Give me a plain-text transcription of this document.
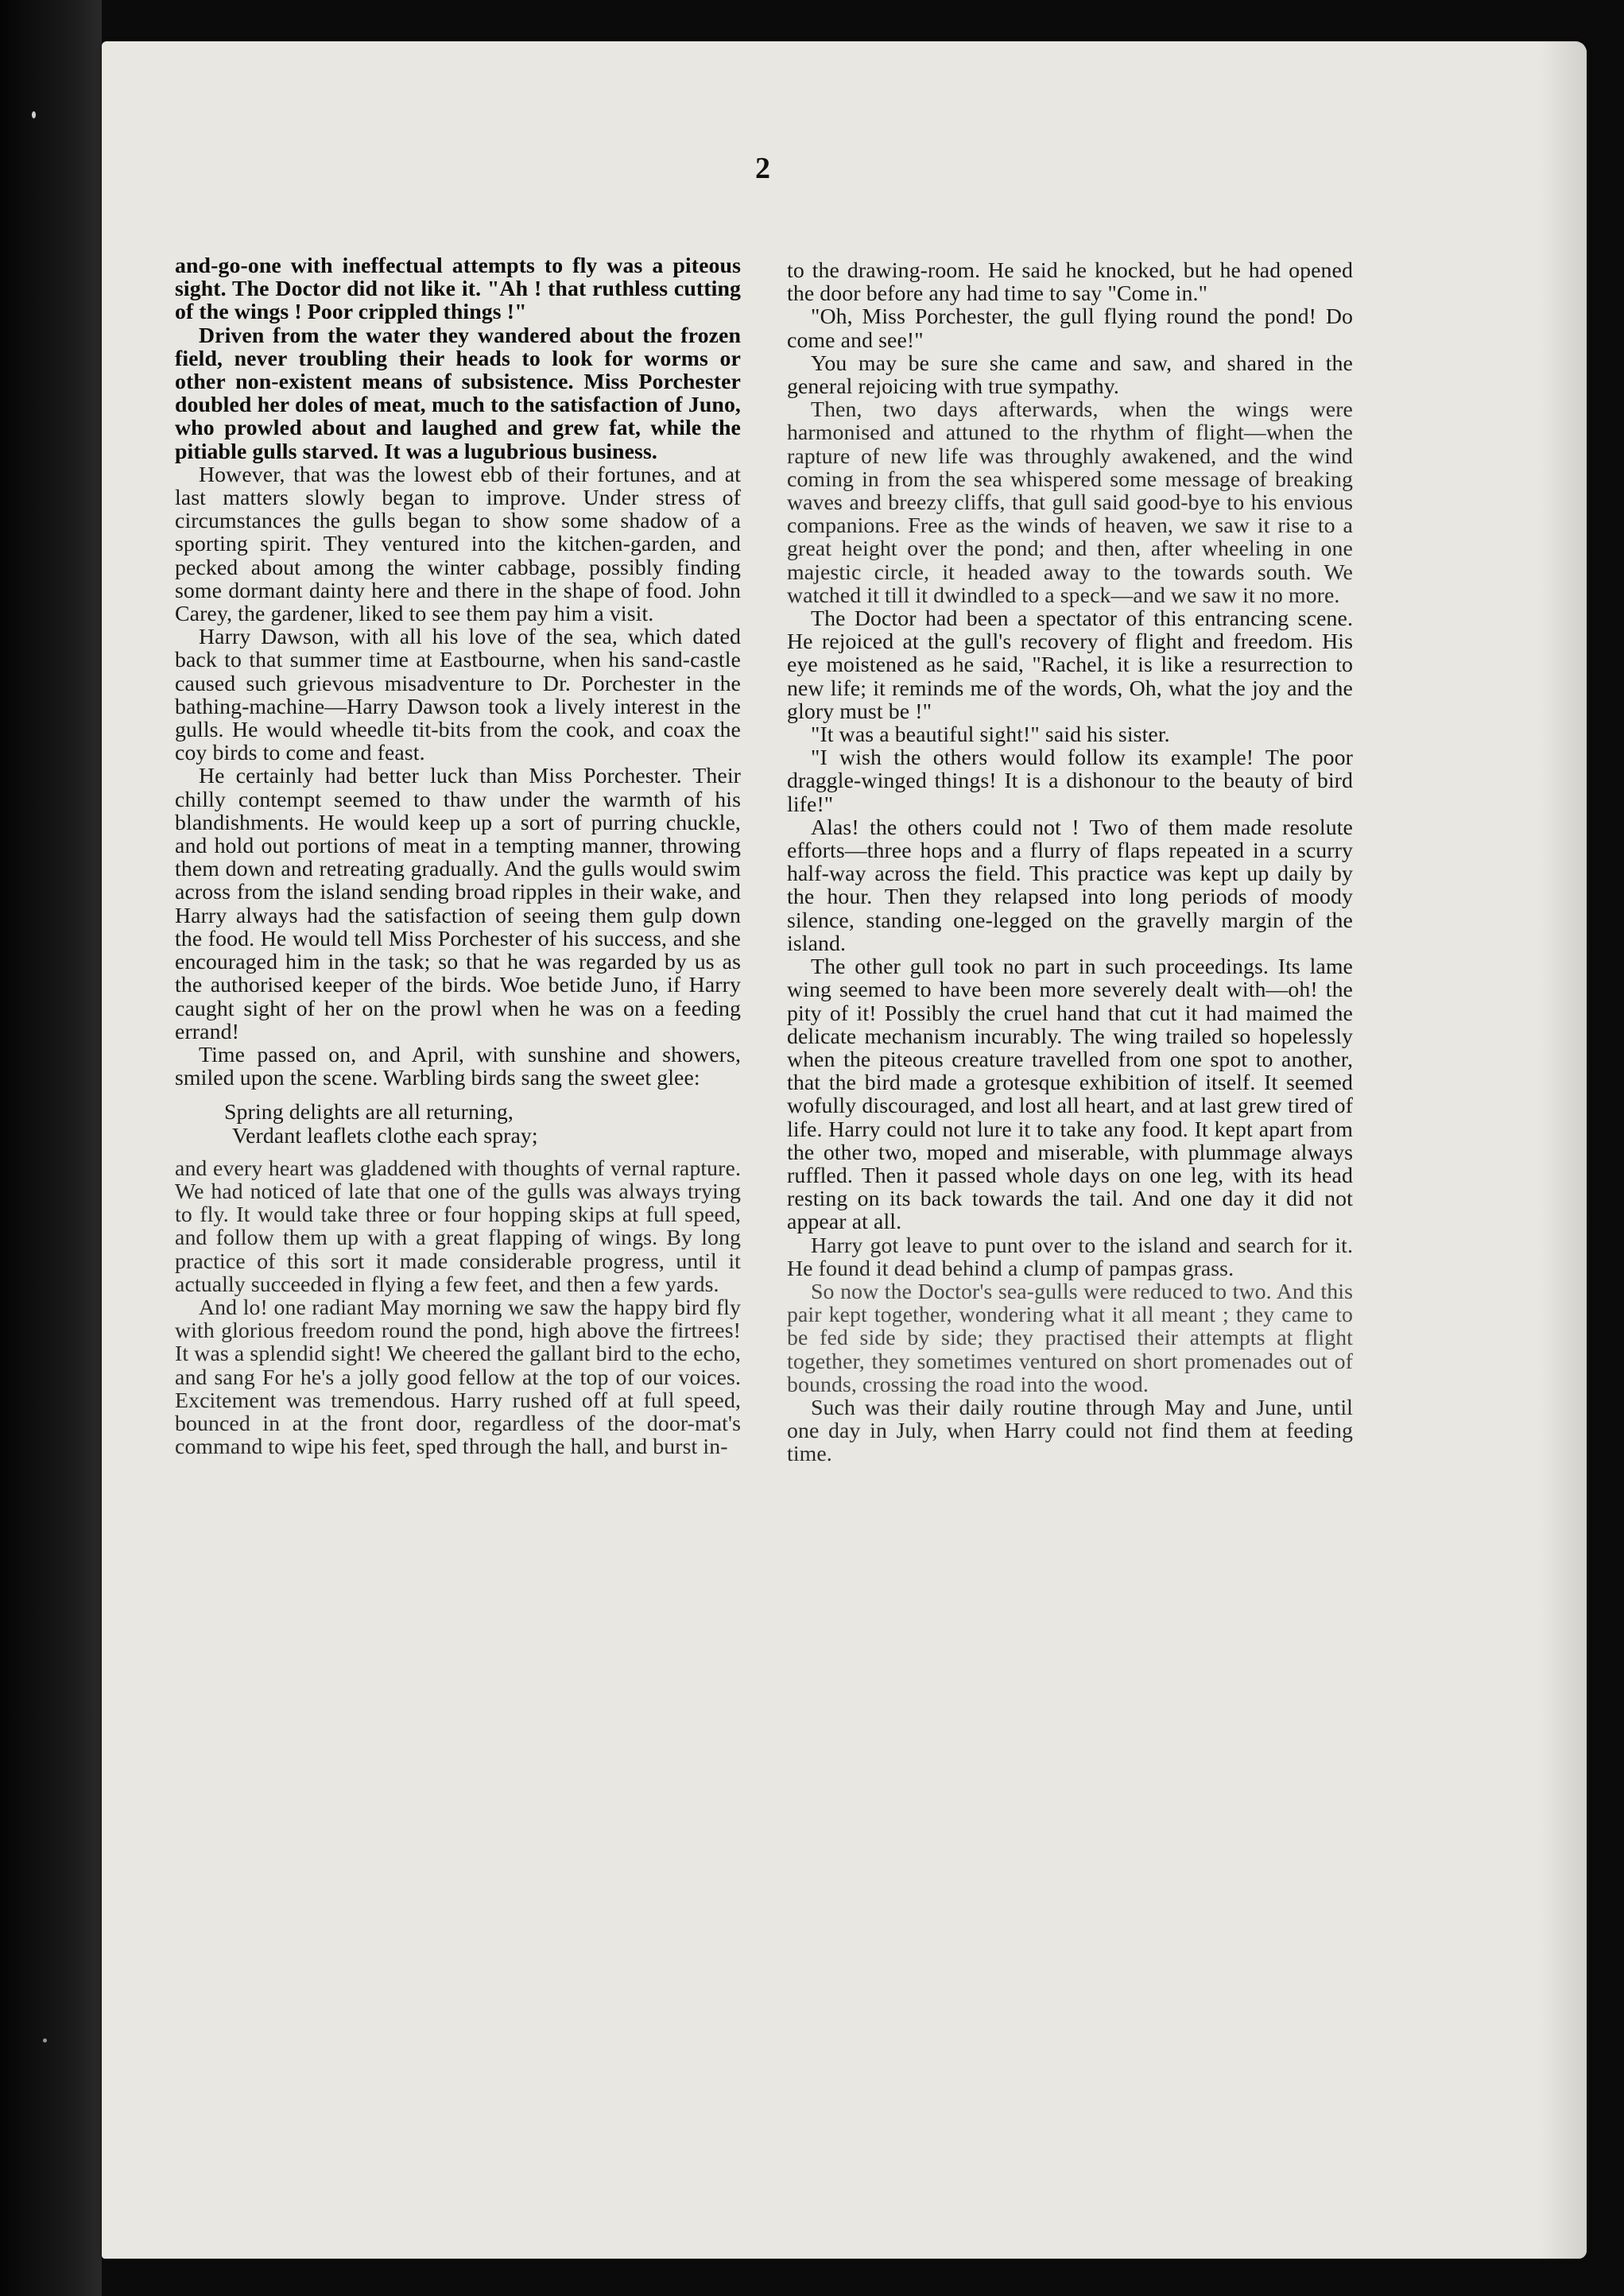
2

and-go-one with ineffectual attempts to fly was a piteous sight. The Doctor did not like it. "Ah ! that ruthless cutting of the wings ! Poor crippled things !"

Driven from the water they wandered about the frozen field, never troubling their heads to look for worms or other non-existent means of subsistence. Miss Porchester doubled her doles of meat, much to the satisfaction of Juno, who prowled about and laughed and grew fat, while the pitiable gulls starved. It was a lugubrious business.

However, that was the lowest ebb of their fortunes, and at last matters slowly began to improve. Under stress of circumstances the gulls began to show some shadow of a sporting spirit. They ventured into the kitchen-garden, and pecked about among the winter cabbage, possibly finding some dormant dainty here and there in the shape of food. John Carey, the gardener, liked to see them pay him a visit.

Harry Dawson, with all his love of the sea, which dated back to that summer time at Eastbourne, when his sand-castle caused such grievous misadventure to Dr. Porchester in the bathing-machine—Harry Dawson took a lively interest in the gulls. He would wheedle tit-bits from the cook, and coax the coy birds to come and feast.

He certainly had better luck than Miss Porchester. Their chilly contempt seemed to thaw under the warmth of his blandishments. He would keep up a sort of purring chuckle, and hold out portions of meat in a tempting manner, throwing them down and retreating gradually. And the gulls would swim across from the island sending broad ripples in their wake, and Harry always had the satisfaction of seeing them gulp down the food. He would tell Miss Porchester of his success, and she encouraged him in the task; so that he was regarded by us as the authorised keeper of the birds. Woe betide Juno, if Harry caught sight of her on the prowl when he was on a feeding errand!

Time passed on, and April, with sunshine and showers, smiled upon the scene. Warbling birds sang the sweet glee:

Spring delights are all returning,
Verdant leaflets clothe each spray;

and every heart was gladdened with thoughts of vernal rapture. We had noticed of late that one of the gulls was always trying to fly. It would take three or four hopping skips at full speed, and follow them up with a great flapping of wings. By long practice of this sort it made considerable progress, until it actually succeeded in flying a few feet, and then a few yards.

And lo! one radiant May morning we saw the happy bird fly with glorious freedom round the pond, high above the firtrees! It was a splendid sight! We cheered the gallant bird to the echo, and sang For he's a jolly good fellow at the top of our voices. Excitement was tremendous. Harry rushed off at full speed, bounced in at the front door, regardless of the door-mat's command to wipe his feet, sped through the hall, and burst in-

to the drawing-room. He said he knocked, but he had opened the door before any had time to say "Come in."

"Oh, Miss Porchester, the gull flying round the pond! Do come and see!"

You may be sure she came and saw, and shared in the general rejoicing with true sympathy.

Then, two days afterwards, when the wings were harmonised and attuned to the rhythm of flight—when the rapture of new life was throughly awakened, and the wind coming in from the sea whispered some message of breaking waves and breezy cliffs, that gull said good-bye to his envious companions. Free as the winds of heaven, we saw it rise to a great height over the pond; and then, after wheeling in one majestic circle, it headed away to the towards south. We watched it till it dwindled to a speck—and we saw it no more.

The Doctor had been a spectator of this entrancing scene. He rejoiced at the gull's recovery of flight and freedom. His eye moistened as he said, "Rachel, it is like a resurrection to new life; it reminds me of the words, Oh, what the joy and the glory must be !"

"It was a beautiful sight!" said his sister.

"I wish the others would follow its example! The poor draggle-winged things! It is a dishonour to the beauty of bird life!"

Alas! the others could not ! Two of them made resolute efforts—three hops and a flurry of flaps repeated in a scurry half-way across the field. This practice was kept up daily by the hour. Then they relapsed into long periods of moody silence, standing one-legged on the gravelly margin of the island.

The other gull took no part in such proceedings. Its lame wing seemed to have been more severely dealt with—oh! the pity of it! Possibly the cruel hand that cut it had maimed the delicate mechanism incurably. The wing trailed so hopelessly when the piteous creature travelled from one spot to another, that the bird made a grotesque exhibition of itself. It seemed wofully discouraged, and lost all heart, and at last grew tired of life. Harry could not lure it to take any food. It kept apart from the other two, moped and miserable, with plummage always ruffled. Then it passed whole days on one leg, with its head resting on its back towards the tail. And one day it did not appear at all.

Harry got leave to punt over to the island and search for it. He found it dead behind a clump of pampas grass.

So now the Doctor's sea-gulls were reduced to two. And this pair kept together, wondering what it all meant ; they came to be fed side by side; they practised their attempts at flight together, they sometimes ventured on short promenades out of bounds, crossing the road into the wood.

Such was their daily routine through May and June, until one day in July, when Harry could not find them at feeding time.
